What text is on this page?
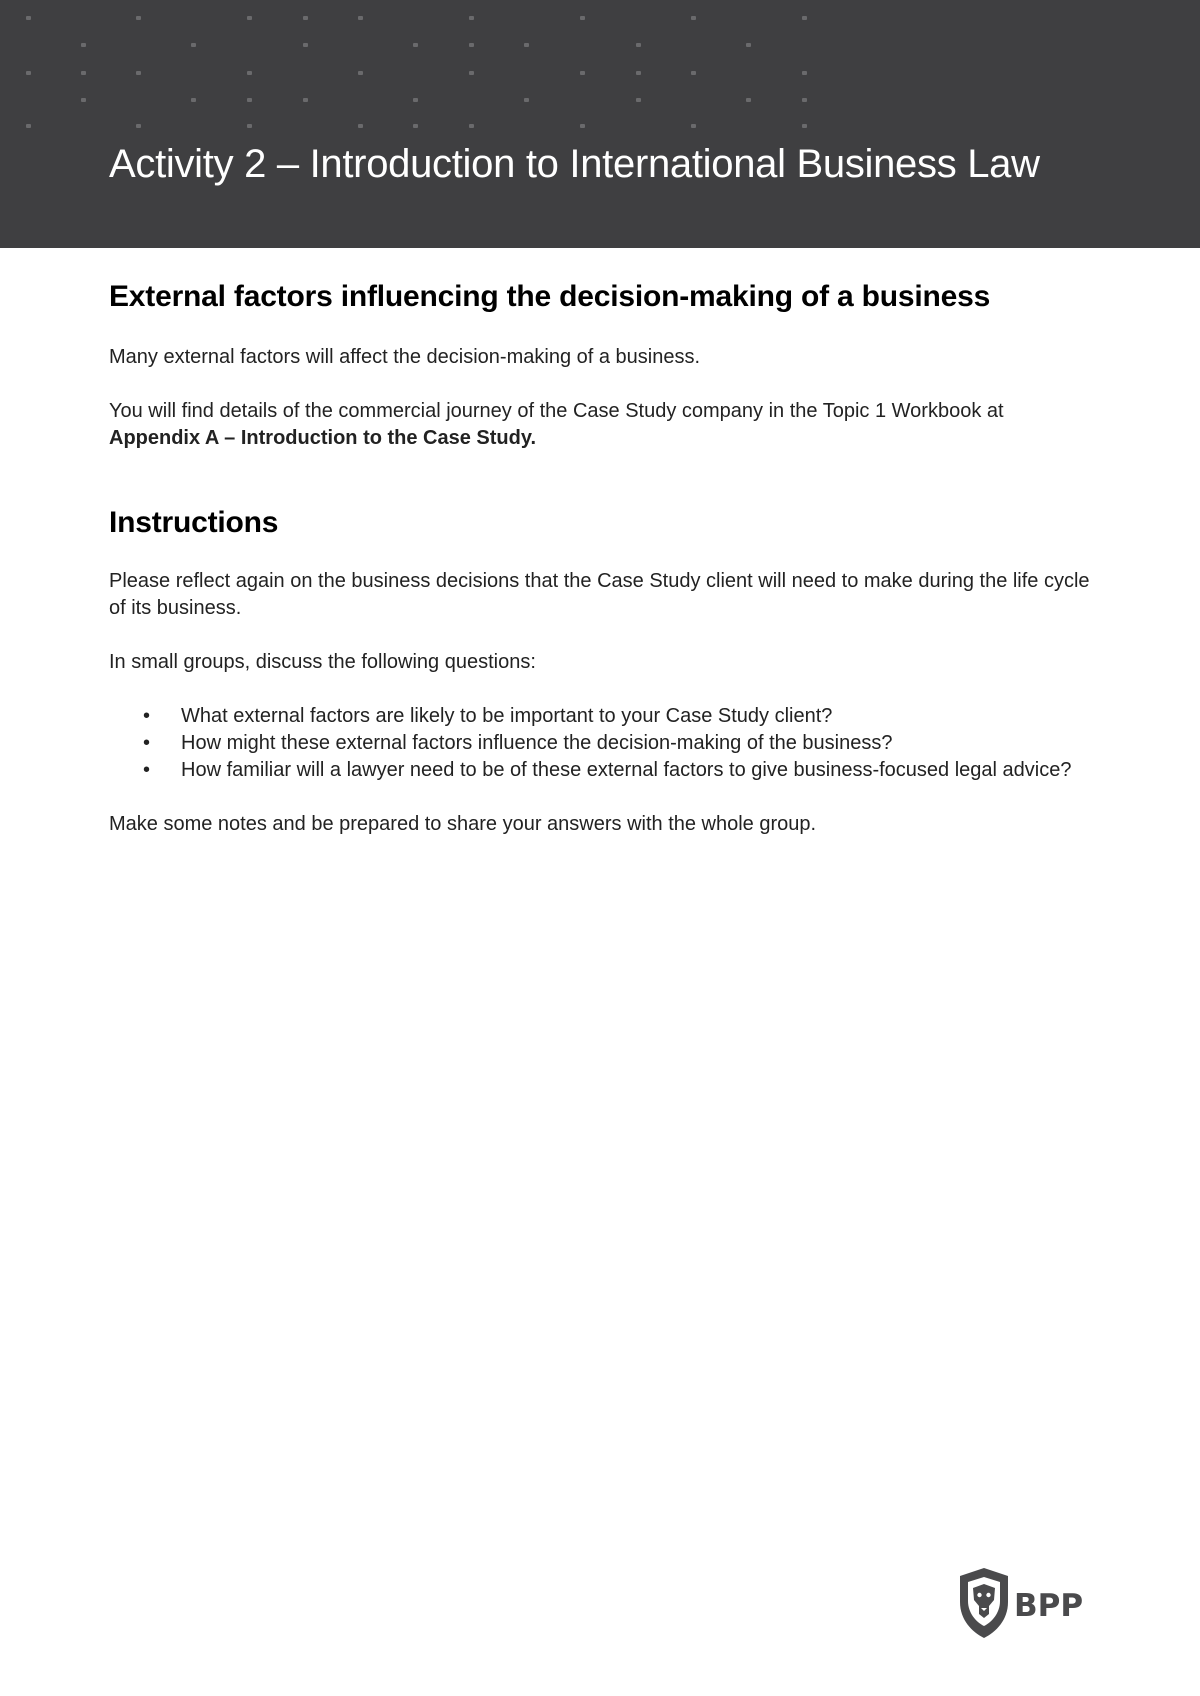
Activity 2 – Introduction to International Business Law
External factors influencing the decision-making of a business

Many external factors will affect the decision-making of a business.

You will find details of the commercial journey of the Case Study company in the Topic 1 Workbook at Appendix A – Introduction to the Case Study.

Instructions

Please reflect again on the business decisions that the Case Study client will need to make during the life cycle of its business.

In small groups, discuss the following questions:

• What external factors are likely to be important to your Case Study client?
• How might these external factors influence the decision-making of the business?
• How familiar will a lawyer need to be of these external factors to give business-focused legal advice?

Make some notes and be prepared to share your answers with the whole group.

BPP
